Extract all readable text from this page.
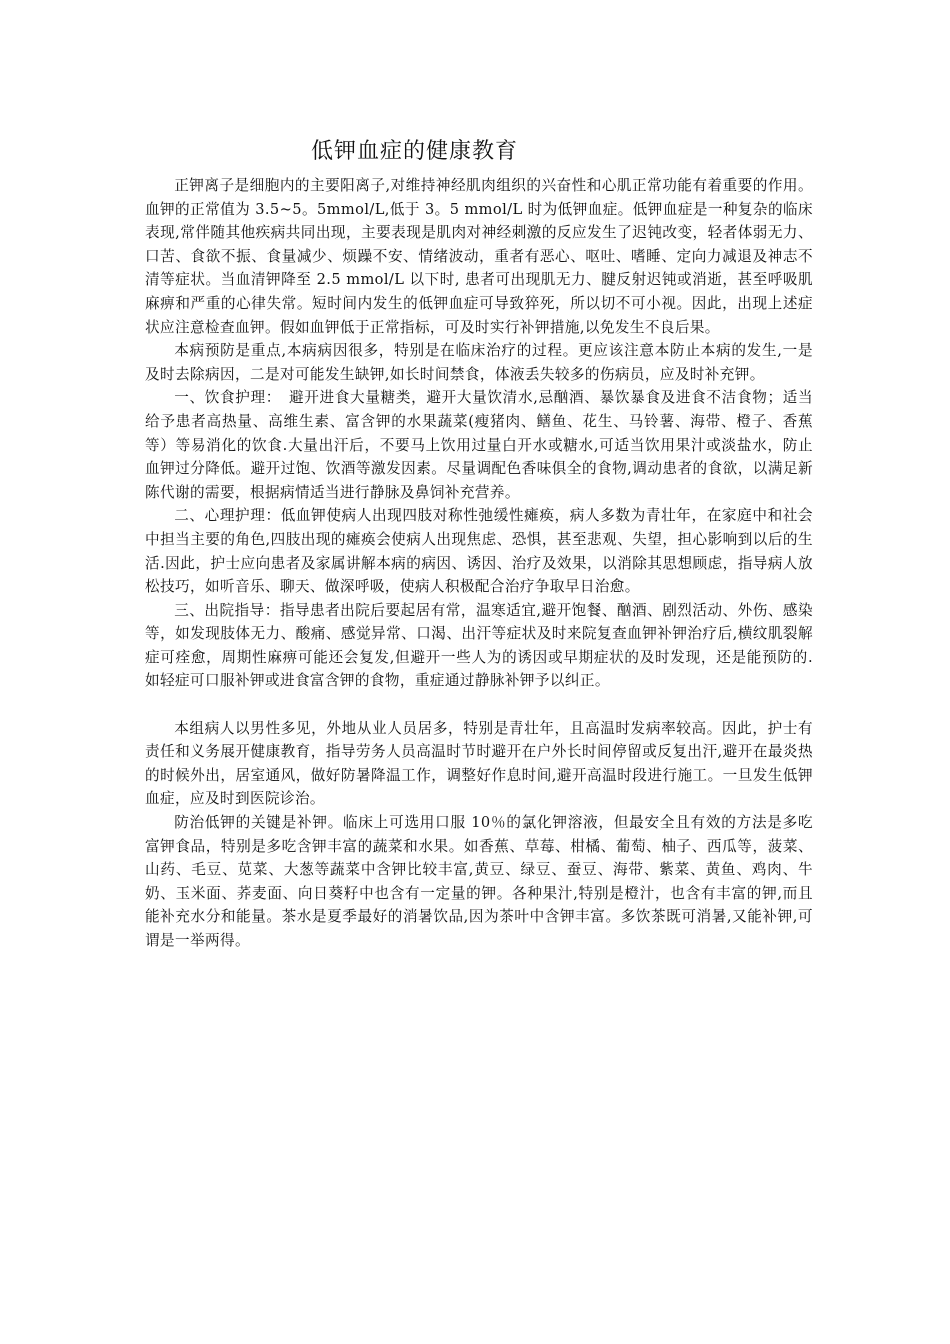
低钾血症的健康教育

正钾离子是细胞内的主要阳离子,对维持神经肌肉组织的兴奋性和心肌正常功能有着重要的作用。血钾的正常值为 3.5~5。5mmol/L,低于 3。5 mmol/L 时为低钾血症。低钾血症是一种复杂的临床表现,常伴随其他疾病共同出现，主要表现是肌肉对神经刺激的反应发生了迟钝改变，轻者体弱无力、口苦、食欲不振、食量减少、烦躁不安、情绪波动，重者有恶心、呕吐、嗜睡、定向力减退及神志不清等症状。当血清钾降至 2.5 mmol/L 以下时, 患者可出现肌无力、腱反射迟钝或消逝，甚至呼吸肌麻痹和严重的心律失常。短时间内发生的低钾血症可导致猝死，所以切不可小视。因此，出现上述症状应注意检查血钾。假如血钾低于正常指标，可及时实行补钾措施,以免发生不良后果。

本病预防是重点,本病病因很多，特别是在临床治疗的过程。更应该注意本防止本病的发生,一是及时去除病因，二是对可能发生缺钾,如长时间禁食，体液丢失较多的伤病员，应及时补充钾。

一、饮食护理：　避开进食大量糖类，避开大量饮清水,忌酗酒、暴饮暴食及进食不洁食物；适当给予患者高热量、高维生素、富含钾的水果蔬菜(瘦猪肉、鳝鱼、花生、马铃薯、海带、橙子、香蕉等）等易消化的饮食.大量出汗后，不要马上饮用过量白开水或糖水,可适当饮用果汁或淡盐水，防止血钾过分降低。避开过饱、饮酒等激发因素。尽量调配色香味俱全的食物,调动患者的食欲，以满足新陈代谢的需要，根据病情适当进行静脉及鼻饲补充营养。

二、心理护理：低血钾使病人出现四肢对称性弛缓性瘫痪，病人多数为青壮年，在家庭中和社会中担当主要的角色,四肢出现的瘫痪会使病人出现焦虑、恐惧，甚至悲观、失望，担心影响到以后的生活.因此，护士应向患者及家属讲解本病的病因、诱因、治疗及效果，以消除其思想顾虑，指导病人放松技巧，如听音乐、聊天、做深呼吸，使病人积极配合治疗争取早日治愈。

三、出院指导：指导患者出院后要起居有常，温寒适宜,避开饱餐、酗酒、剧烈活动、外伤、感染等，如发现肢体无力、酸痛、感觉异常、口渴、出汗等症状及时来院复查血钾补钾治疗后,横纹肌裂解症可痊愈，周期性麻痹可能还会复发,但避开一些人为的诱因或早期症状的及时发现，还是能预防的.如轻症可口服补钾或进食富含钾的食物，重症通过静脉补钾予以纠正。

本组病人以男性多见，外地从业人员居多，特别是青壮年，且高温时发病率较高。因此，护士有责任和义务展开健康教育，指导劳务人员高温时节时避开在户外长时间停留或反复出汗,避开在最炎热的时候外出，居室通风，做好防暑降温工作，调整好作息时间,避开高温时段进行施工。一旦发生低钾血症，应及时到医院诊治。

防治低钾的关键是补钾。临床上可选用口服 10％的氯化钾溶液，但最安全且有效的方法是多吃富钾食品，特别是多吃含钾丰富的蔬菜和水果。如香蕉、草莓、柑橘、葡萄、柚子、西瓜等，菠菜、山药、毛豆、苋菜、大葱等蔬菜中含钾比较丰富,黄豆、绿豆、蚕豆、海带、紫菜、黄鱼、鸡肉、牛奶、玉米面、荞麦面、向日葵籽中也含有一定量的钾。各种果汁,特别是橙汁，也含有丰富的钾,而且能补充水分和能量。茶水是夏季最好的消暑饮品,因为茶叶中含钾丰富。多饮茶既可消暑,又能补钾,可谓是一举两得。
